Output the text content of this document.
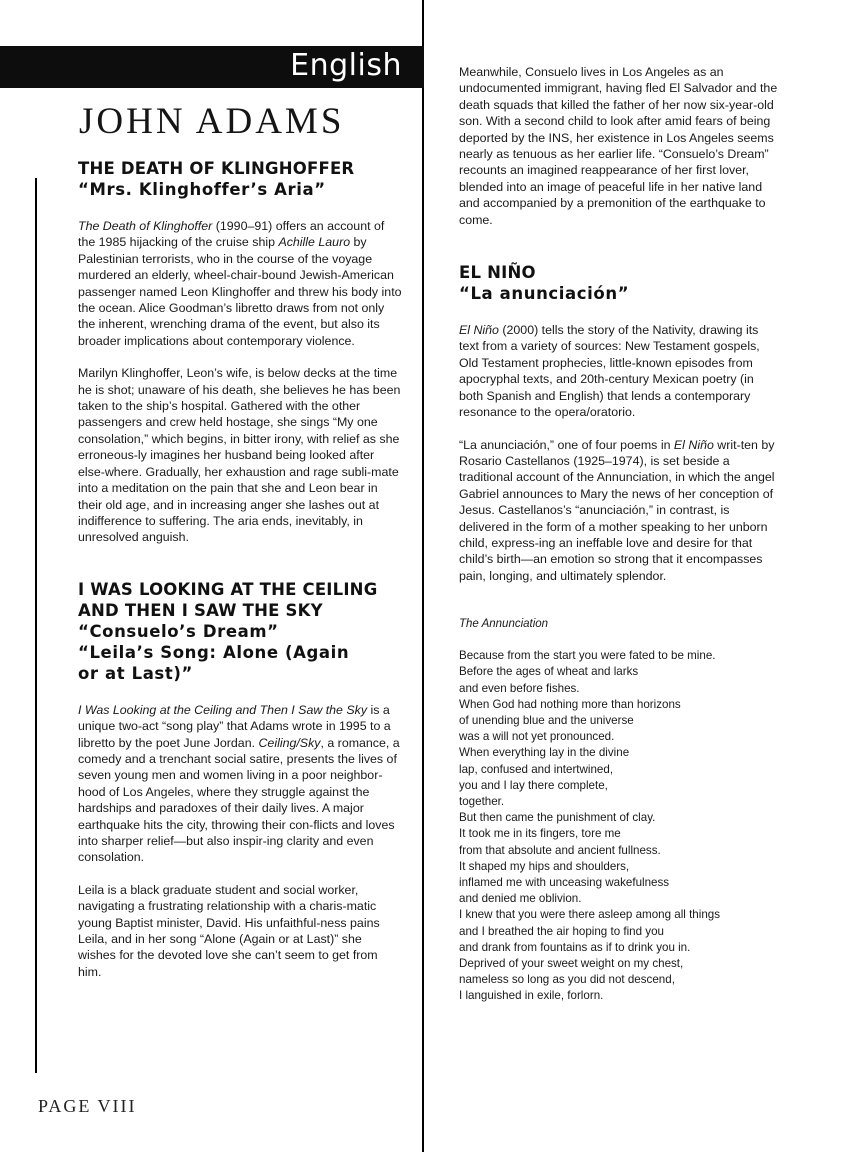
English
JOHN ADAMS
THE DEATH OF KLINGHOFFER
“Mrs. Klinghoffer’s Aria”

The Death of Klinghoffer (1990–91) offers an account of the 1985 hijacking of the cruise ship Achille Lauro by Palestinian terrorists, who in the course of the voyage murdered an elderly, wheel-chair-bound Jewish-American passenger named Leon Klinghoffer and threw his body into the ocean. Alice Goodman’s libretto draws from not only the inherent, wrenching drama of the event, but also its broader implications about contemporary violence.

Marilyn Klinghoffer, Leon’s wife, is below decks at the time he is shot; unaware of his death, she believes he has been taken to the ship’s hospital. Gathered with the other passengers and crew held hostage, she sings “My one consolation,” which begins, in bitter irony, with relief as she erroneous-ly imagines her husband being looked after else-where. Gradually, her exhaustion and rage subli-mate into a meditation on the pain that she and Leon bear in their old age, and in increasing anger she lashes out at indifference to suffering. The aria ends, inevitably, in unresolved anguish.

I WAS LOOKING AT THE CEILING AND THEN I SAW THE SKY
“Consuelo’s Dream”
“Leila’s Song: Alone (Again or at Last)”

I Was Looking at the Ceiling and Then I Saw the Sky is a unique two-act “song play” that Adams wrote in 1995 to a libretto by the poet June Jordan. Ceiling/Sky, a romance, a comedy and a trenchant social satire, presents the lives of seven young men and women living in a poor neighbor-hood of Los Angeles, where they struggle against the hardships and paradoxes of their daily lives. A major earthquake hits the city, throwing their con-flicts and loves into sharper relief—but also inspir-ing clarity and even consolation.

Leila is a black graduate student and social worker, navigating a frustrating relationship with a charis-matic young Baptist minister, David. His unfaithful-ness pains Leila, and in her song “Alone (Again or at Last)” she wishes for the devoted love she can’t seem to get from him.

Meanwhile, Consuelo lives in Los Angeles as an undocumented immigrant, having fled El Salvador and the death squads that killed the father of her now six-year-old son. With a second child to look after amid fears of being deported by the INS, her existence in Los Angeles seems nearly as tenuous as her earlier life. “Consuelo’s Dream” recounts an imagined reappearance of her first lover, blended into an image of peaceful life in her native land and accompanied by a premonition of the earthquake to come.

EL NIÑO
“La anunciación”

El Niño (2000) tells the story of the Nativity, drawing its text from a variety of sources: New Testament gospels, Old Testament prophecies, little-known episodes from apocryphal texts, and 20th-century Mexican poetry (in both Spanish and English) that lends a contemporary resonance to the opera/oratorio.

“La anunciación,” one of four poems in El Niño writ-ten by Rosario Castellanos (1925–1974), is set beside a traditional account of the Annunciation, in which the angel Gabriel announces to Mary the news of her conception of Jesus. Castellanos’s “anunciación,” in contrast, is delivered in the form of a mother speaking to her unborn child, express-ing an ineffable love and desire for that child’s birth—an emotion so strong that it encompasses pain, longing, and ultimately splendor.

The Annunciation

Because from the start you were fated to be mine.

Before the ages of wheat and larks

and even before fishes.

When God had nothing more than horizons

of unending blue and the universe

was a will not yet pronounced.

When everything lay in the divine

lap, confused and intertwined,

you and I lay there complete,

together.

But then came the punishment of clay.

It took me in its fingers, tore me

from that absolute and ancient fullness.

It shaped my hips and shoulders,

inflamed me with unceasing wakefulness

and denied me oblivion.

I knew that you were there asleep among all things

and I breathed the air hoping to find you

and drank from fountains as if to drink you in.

Deprived of your sweet weight on my chest,

nameless so long as you did not descend,

I languished in exile, forlorn.

PAGE VIII
